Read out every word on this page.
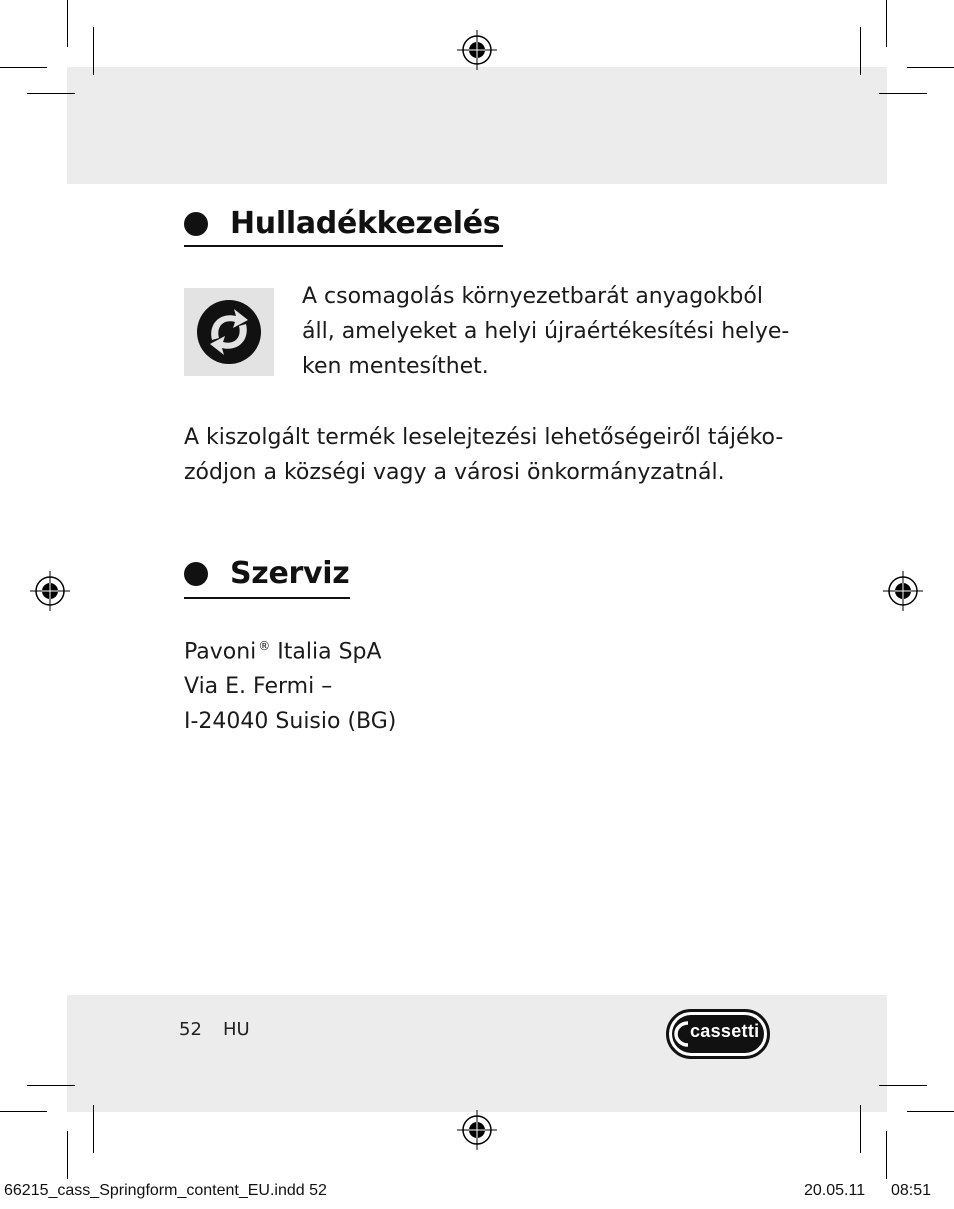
Hulladékkezelés
A csomagolás környezetbarát anyagokból
áll, amelyeket a helyi újraértékesítési helye-
ken mentesíthet.
A kiszolgált termék leselejtezési lehetőségeiről tájéko-
zódjon a községi vagy a városi önkormányzatnál.
Szerviz
Pavoni ® Italia SpA
Via E. Fermi –
I-24040 Suisio (BG)
52 HU	cassetti
66215_cass_Springform_content_EU.indd 52	20.05.11 08:51
